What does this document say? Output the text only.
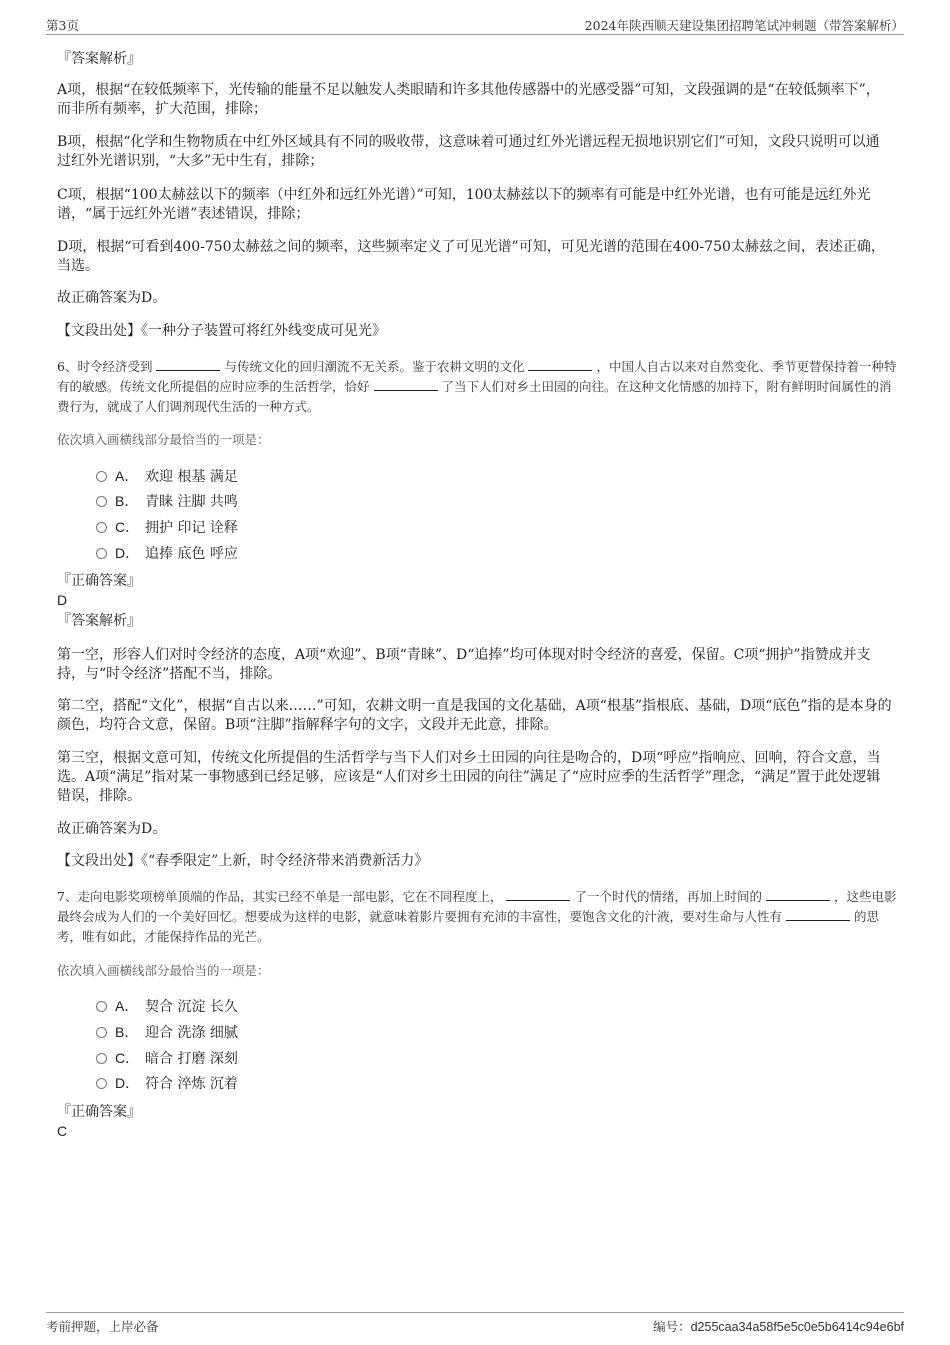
第3页	2024年陕西顺天建设集团招聘笔试冲刺题（带答案解析）
『答案解析』
A项，根据“在较低频率下，光传输的能量不足以触发人类眼睛和许多其他传感器中的光感受器”可知，文段强调的是“在较低频率下”，而非所有频率，扩大范围，排除；
B项，根据“化学和生物物质在中红外区域具有不同的吸收带，这意味着可通过红外光谱远程无损地识别它们”可知，文段只说明可以通过红外光谱识别，“大多”无中生有，排除；
C项，根据“100太赫兹以下的频率（中红外和远红外光谱）”可知，100太赫兹以下的频率有可能是中红外光谱，也有可能是远红外光谱，“属于远红外光谱”表述错误，排除；
D项，根据“可看到400-750太赫兹之间的频率，这些频率定义了可见光谱”可知，可见光谱的范围在400-750太赫兹之间，表述正确，当选。
故正确答案为D。
【文段出处】《一种分子装置可将红外线变成可见光》
6、时令经济受到	与传统文化的回归潮流不无关系。鉴于农耕文明的文化	，中国人自古以来对自然变化、季节更替保持着一种特有的敏感。传统文化所提倡的应时应季的生活哲学，恰好	了当下人们对乡土田园的向往。在这种文化情感的加持下，附有鲜明时间属性的消费行为，就成了人们调剂现代生活的一种方式。
依次填入画横线部分最恰当的一项是：
A． 欢迎 根基 满足
B． 青睐 注脚 共鸣
C． 拥护 印记 诠释
D． 追捧 底色 呼应
『正确答案』
D
『答案解析』
第一空，形容人们对时令经济的态度，A项“欢迎”、B项“青睐”、D“追捧”均可体现对时令经济的喜爱，保留。C项“拥护”指赞成并支持，与“时令经济”搭配不当，排除。
第二空，搭配“文化”，根据“自古以来……”可知，农耕文明一直是我国的文化基础，A项“根基”指根底、基础，D项“底色”指的是本身的颜色，均符合文意，保留。B项“注脚”指解释字句的文字，文段并无此意，排除。
第三空，根据文意可知，传统文化所提倡的生活哲学与当下人们对乡土田园的向往是吻合的，D项“呼应”指响应、回响，符合文意，当选。A项“满足”指对某一事物感到已经足够，应该是“人们对乡土田园的向往”满足了“应时应季的生活哲学”理念，“满足”置于此处逻辑错误，排除。
故正确答案为D。
【文段出处】《“春季限定”上新，时令经济带来消费新活力》
7、走向电影奖项榜单顶端的作品，其实已经不单是一部电影，它在不同程度上，	了一个时代的情绪，再加上时间的	，这些电影最终会成为人们的一个美好回忆。想要成为这样的电影，就意味着影片要拥有充沛的丰富性，要饱含文化的汁液，要对生命与人性有	的思考，唯有如此，才能保持作品的光芒。
依次填入画横线部分最恰当的一项是：
A． 契合 沉淀 长久
B． 迎合 洗涤 细腻
C． 暗合 打磨 深刻
D． 符合 淬炼 沉着
『正确答案』
C
考前押题，上岸必备	编号：d255caa34a58f5e5c0e5b6414c94e6bf
